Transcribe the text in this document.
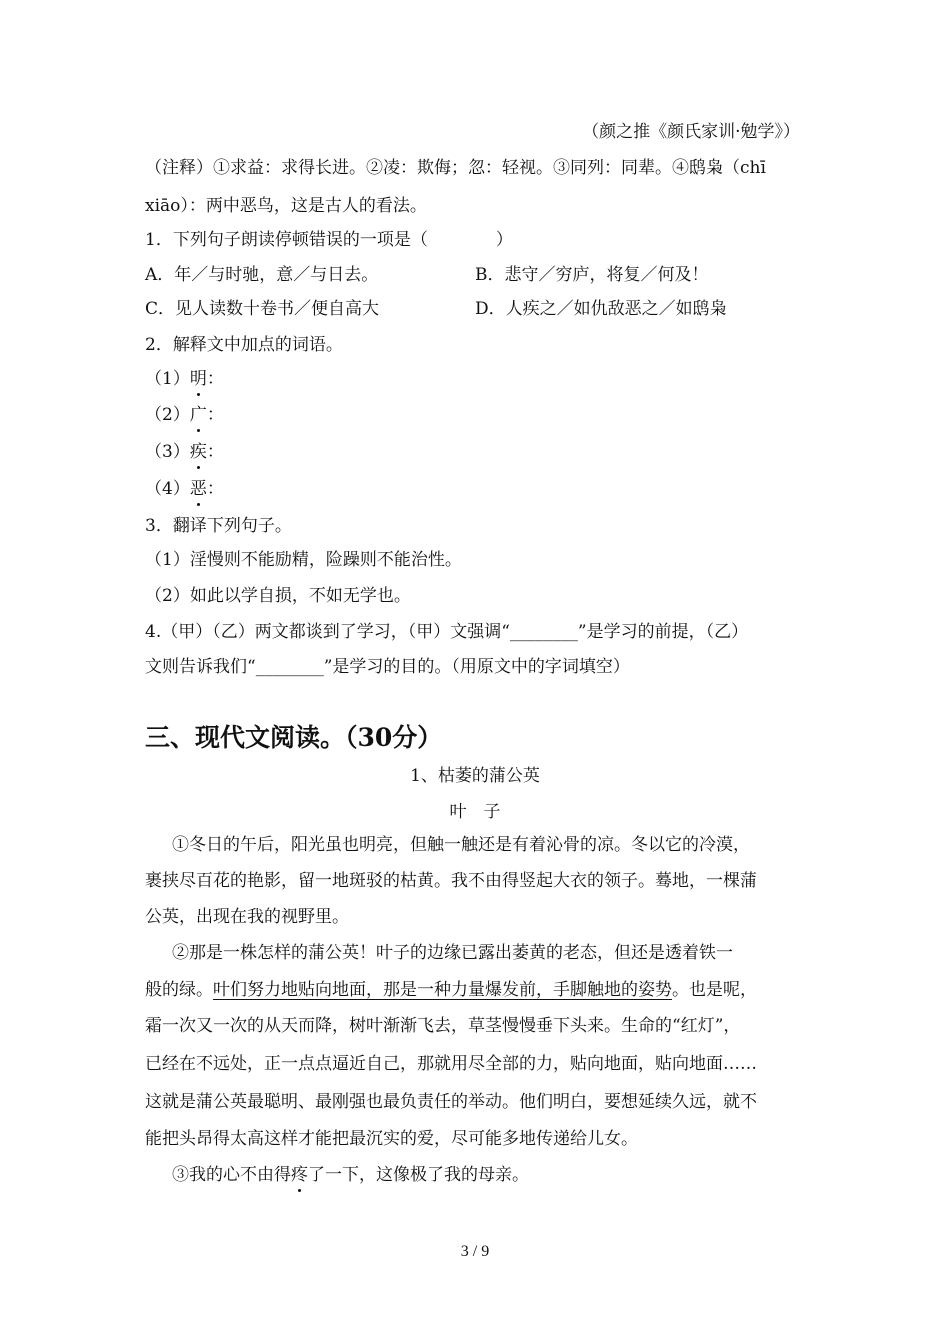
（颜之推《颜氏家训·勉学》）
（注释）①求益：求得长进。②凌：欺侮；忽：轻视。③同列：同辈。④鸱枭（chī
xiāo）：两中恶鸟，这是古人的看法。
1．下列句子朗读停顿错误的一项是（　　　　）
A．年／与时驰，意／与日去。	B．悲守／穷庐，将复／何及！
C．见人读数十卷书／便自高大	D．人疾之／如仇敌恶之／如鸱枭
2．解释文中加点的词语。
（1）明：
（2）广：
（3）疾：
（4）恶：
3．翻译下列句子。
（1）淫慢则不能励精，险躁则不能治性。
（2）如此以学自损，不如无学也。
4.（甲）（乙）两文都谈到了学习，（甲）文强调“________”是学习的前提，（乙）
文则告诉我们“________”是学习的目的。（用原文中的字词填空）
三、现代文阅读。（30分）
1、枯萎的蒲公英
叶　子
①冬日的午后，阳光虽也明亮，但触一触还是有着沁骨的凉。冬以它的冷漠，
裹挟尽百花的艳影，留一地斑驳的枯黄。我不由得竖起大衣的领子。蓦地，一棵蒲
公英，出现在我的视野里。
②那是一株怎样的蒲公英！叶子的边缘已露出萎黄的老态，但还是透着铁一
般的绿。叶们努力地贴向地面，那是一种力量爆发前，手脚触地的姿势。也是呢，
霜一次又一次的从天而降，树叶渐渐飞去，草茎慢慢垂下头来。生命的“红灯”，
已经在不远处，正一点点逼近自己，那就用尽全部的力，贴向地面，贴向地面……
这就是蒲公英最聪明、最刚强也最负责任的举动。他们明白，要想延续久远，就不
能把头昂得太高这样才能把最沉实的爱，尽可能多地传递给儿女。
③我的心不由得疼了一下，这像极了我的母亲。
3 / 9
